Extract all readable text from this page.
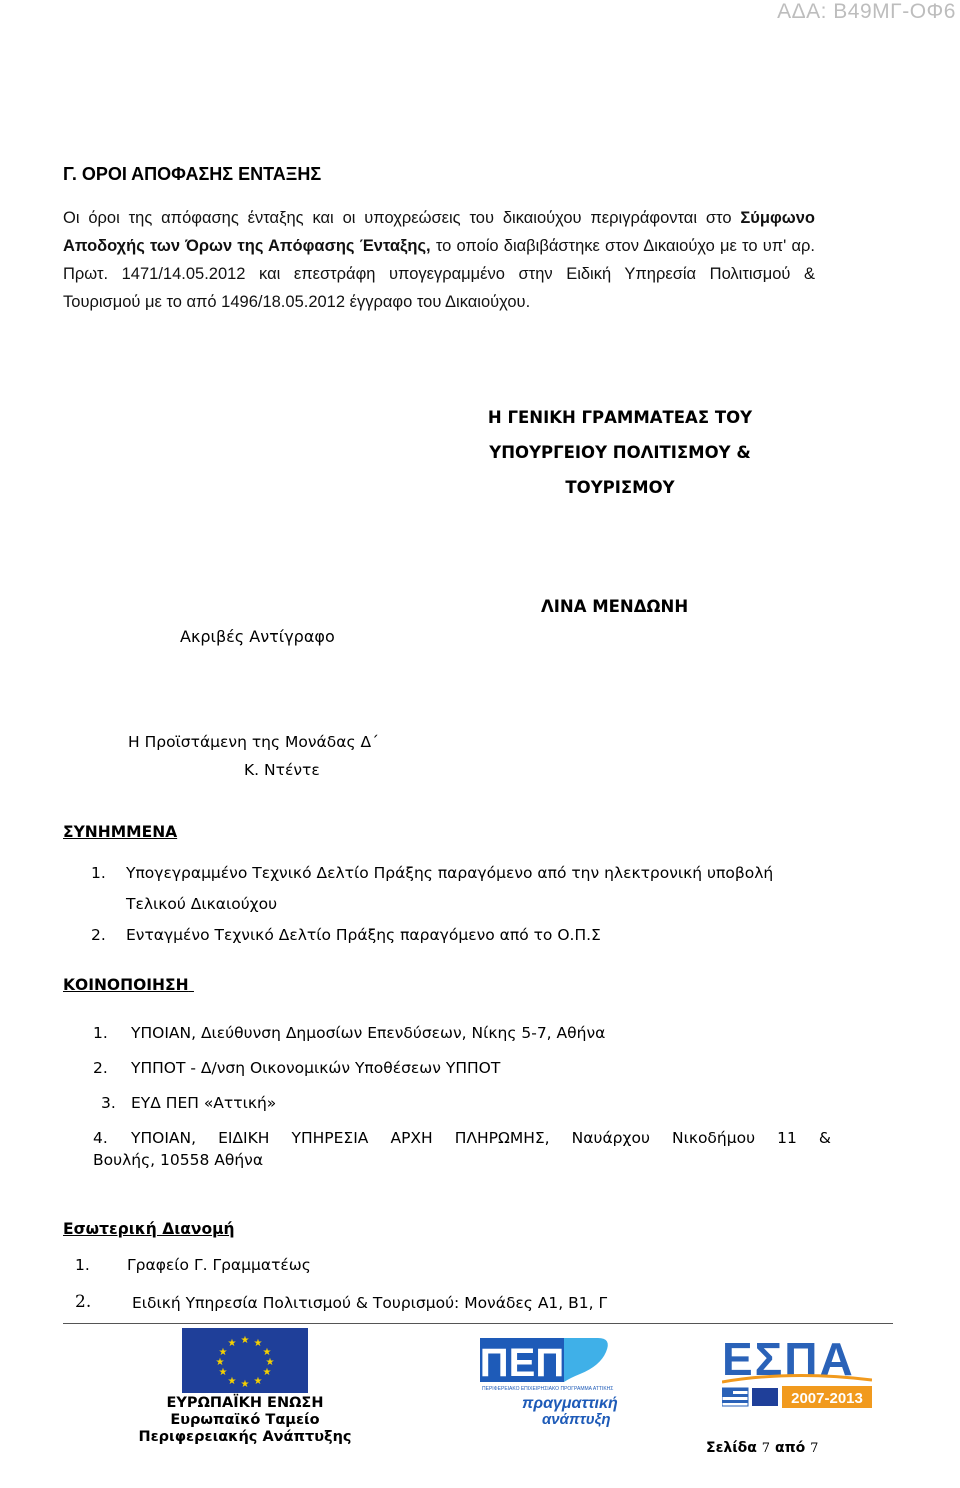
ΑΔΑ: Β49ΜΓ-ΟΦ6
Γ. ΟΡΟΙ ΑΠΟΦΑΣΗΣ ΕΝΤΑΞΗΣ
Οι όροι της απόφασης ένταξης και οι υποχρεώσεις του δικαιούχου περιγράφονται στο Σύμφωνο Αποδοχής των Όρων της Απόφασης Ένταξης, το οποίο διαβιβάστηκε στον Δικαιούχο με το υπ' αρ. Πρωτ. 1471/14.05.2012 και επεστράφη υπογεγραμμένο στην Ειδική Υπηρεσία Πολιτισμού & Τουρισμού με το από 1496/18.05.2012 έγγραφο του Δικαιούχου.
Η ΓΕΝΙΚΗ ΓΡΑΜΜΑΤΕΑΣ ΤΟΥ
ΥΠΟΥΡΓΕΙΟΥ ΠΟΛΙΤΙΣΜΟΥ &
ΤΟΥΡΙΣΜΟΥ
ΛΙΝΑ ΜΕΝΔΩΝΗ
Ακριβές Αντίγραφο
Η Προϊστάμενη της Μονάδας Δ΄
Κ. Ντέντε
ΣΥΝΗΜΜΕΝΑ
1. Υπογεγραμμένο Τεχνικό Δελτίο Πράξης παραγόμενο από την ηλεκτρονική υποβολή
Τελικού Δικαιούχου
2. Ενταγμένο Τεχνικό Δελτίο Πράξης παραγόμενο από το Ο.Π.Σ
ΚΟΙΝΟΠΟΙΗΣΗ
1. ΥΠΟΙΑΝ, Διεύθυνση Δημοσίων Επενδύσεων, Νίκης 5-7, Αθήνα
2. ΥΠΠΟΤ - Δ/νση Οικονομικών Υποθέσεων ΥΠΠΟΤ
3. ΕΥΔ ΠΕΠ «Αττική»
4. ΥΠΟΙΑΝ, ΕΙΔΙΚΗ ΥΠΗΡΕΣΙΑ ΑΡΧΗ ΠΛΗΡΩΜΗΣ, Ναυάρχου Νικοδήμου 11 &
Βουλής, 10558 Αθήνα
Εσωτερική Διανομή
1. Γραφείο Γ. Γραμματέως
2.	Ειδική Υπηρεσία Πολιτισμού & Τουρισμού: Μονάδες Α1, Β1, Γ
★ ★
★
★
★
★
★
★
★
★
★
★
ΕΥΡΩΠΑΪΚΗ ΕΝΩΣΗ
Ευρωπαϊκό Ταμείο
Περιφερειακής Ανάπτυξης
ΠΕΠ
ΠΕΡΙΦΕΡΕΙΑΚΟ ΕΠΙΧΕΙΡΗΣΙΑΚΟ ΠΡΟΓΡΑΜΜΑ ΑΤΤΙΚΗΣ
πραγματτική
ανάπτυξη
ΕΣΠΑ
2007-2013
Σελίδα 7 από 7
